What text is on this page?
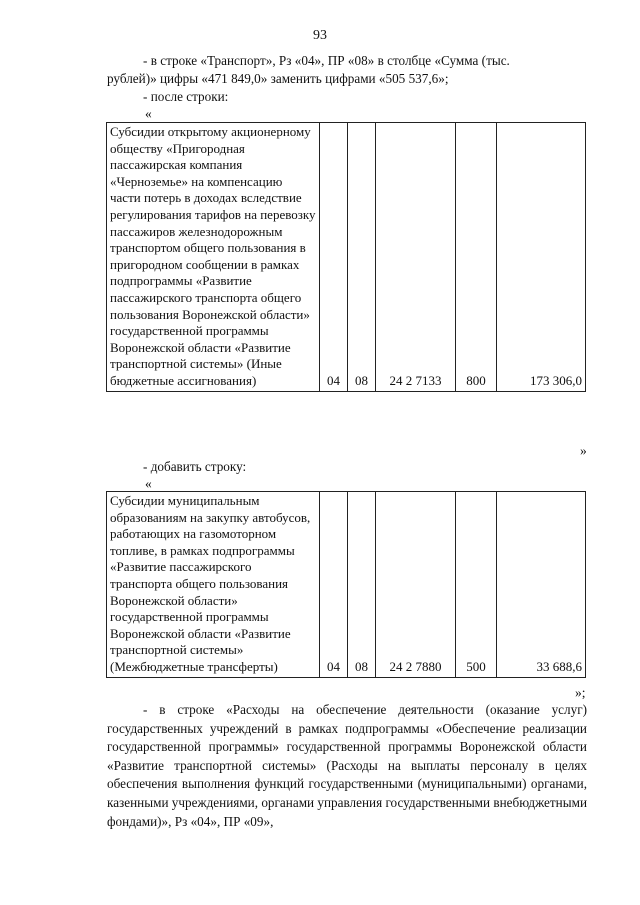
93
- в строке «Транспорт», Рз «04», ПР «08» в столбце «Сумма (тыс.
рублей)» цифры «471 849,0» заменить цифрами «505 537,6»;
- после строки:
«
Субсидии открытому акционерному обществу «Пригородная пассажирская компания «Черноземье» на компенсацию части потерь в доходах вследствие регулирования тарифов на перевозку пассажиров железнодорожным транспортом общего пользования в пригородном сообщении в рамках подпрограммы «Развитие пассажирского транспорта общего пользования Воронежской области» государственной программы Воронежской области «Развитие транспортной системы» (Иные бюджетные ассигнования)	04	08	24 2 7133	800	173 306,0
»
- добавить строку:
«
Субсидии муниципальным образованиям на закупку автобусов, работающих на газомоторном топливе, в рамках подпрограммы «Развитие пассажирского транспорта общего пользования Воронежской области» государственной программы Воронежской области «Развитие транспортной системы» (Межбюджетные трансферты)	04	08	24 2 7880	500	33 688,6
»;
- в строке «Расходы на обеспечение деятельности (оказание услуг) государственных учреждений в рамках подпрограммы «Обеспечение реализации государственной программы» государственной программы Воронежской области «Развитие транспортной системы» (Расходы на выплаты персоналу в целях обеспечения выполнения функций государственными (муниципальными) органами, казенными учреждениями, органами управления государственными внебюджетными фондами)», Рз «04», ПР «09»,
